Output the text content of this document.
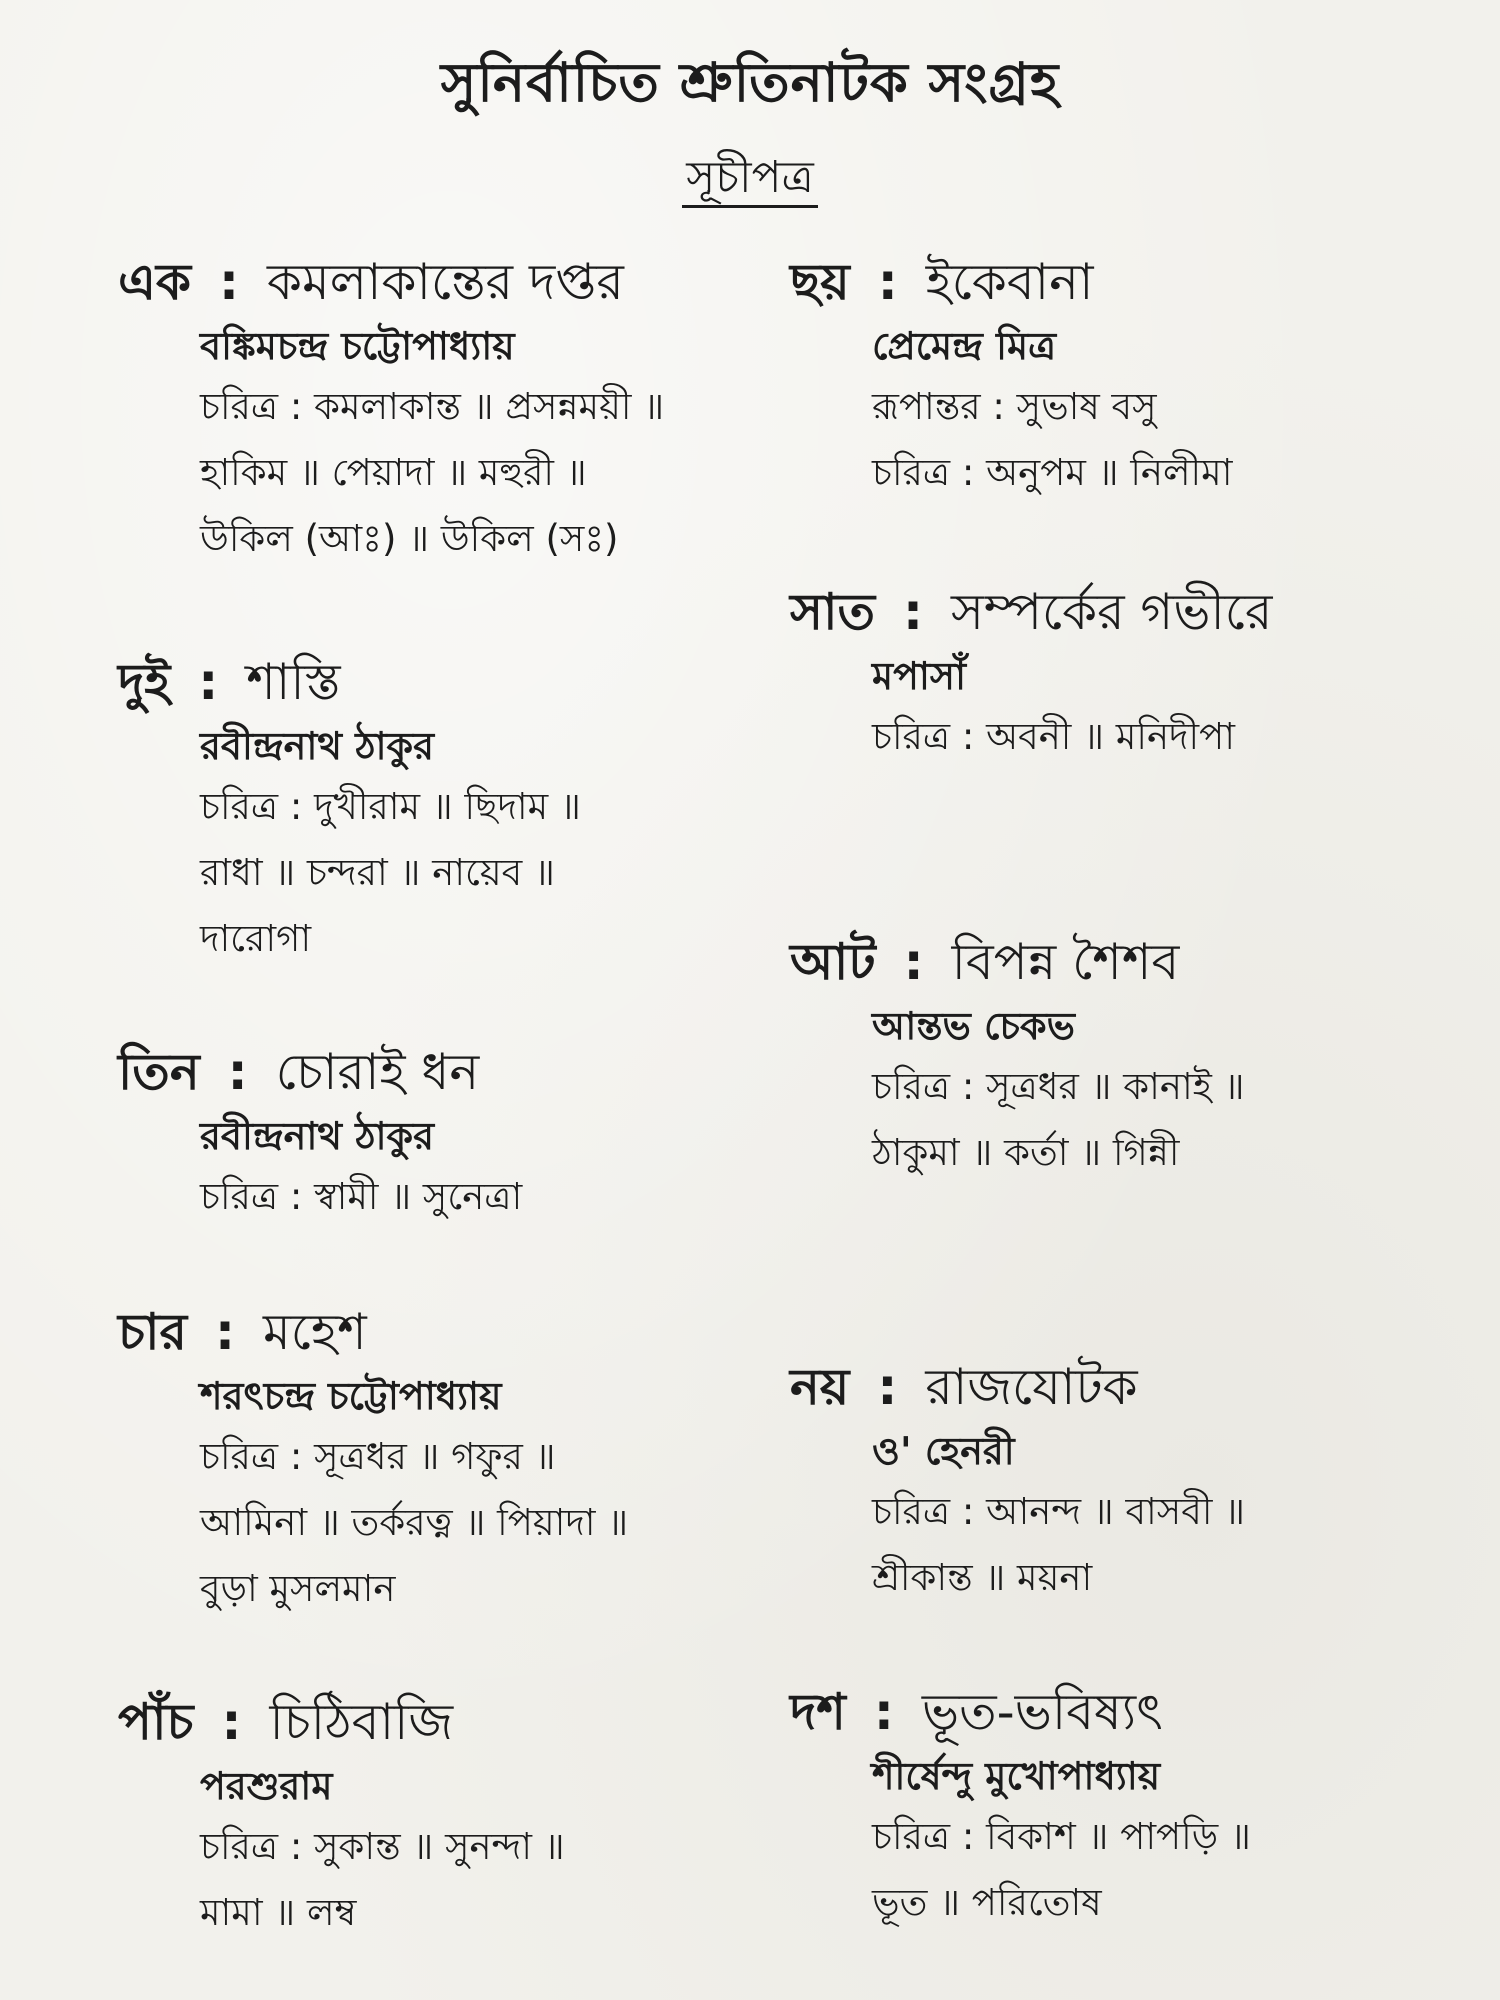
সুনির্বাচিত শ্রুতিনাটক সংগ্রহ
সূচীপত্র
এক : কমলাকান্তের দপ্তর
বঙ্কিমচন্দ্র চট্টোপাধ্যায়
চরিত্র : কমলাকান্ত ॥ প্রসন্নময়ী ॥
হাকিম ॥ পেয়াদা ॥ মহুরী ॥
উকিল (আঃ) ॥ উকিল (সঃ)
দুই : শাস্তি
রবীন্দ্রনাথ ঠাকুর
চরিত্র : দুখীরাম ॥ ছিদাম ॥
রাধা ॥ চন্দরা ॥ নায়েব ॥
দারোগা
তিন : চোরাই ধন
রবীন্দ্রনাথ ঠাকুর
চরিত্র : স্বামী ॥ সুনেত্রা
চার : মহেশ
শরৎচন্দ্র চট্টোপাধ্যায়
চরিত্র : সূত্রধর ॥ গফুর ॥
আমিনা ॥ তর্করত্ন ॥ পিয়াদা ॥
বুড়া মুসলমান
পাঁচ : চিঠিবাজি
পরশুরাম
চরিত্র : সুকান্ত ॥ সুনন্দা ॥
মামা ॥ লম্ব
ছয় : ইকেবানা
প্রেমেন্দ্র মিত্র
রূপান্তর : সুভাষ বসু
চরিত্র : অনুপম ॥ নিলীমা
সাত : সম্পর্কের গভীরে
মপাসাঁ
চরিত্র : অবনী ॥ মনিদীপা
আট : বিপন্ন শৈশব
আন্তভ চেকভ
চরিত্র : সূত্রধর ॥ কানাই ॥
ঠাকুমা ॥ কর্তা ॥ গিন্নী
নয় : রাজযোটক
ও' হেনরী
চরিত্র : আনন্দ ॥ বাসবী ॥
শ্রীকান্ত ॥ ময়না
দশ : ভূত-ভবিষ্যৎ
শীর্ষেন্দু মুখোপাধ্যায়
চরিত্র : বিকাশ ॥ পাপড়ি ॥
ভূত ॥ পরিতোষ
